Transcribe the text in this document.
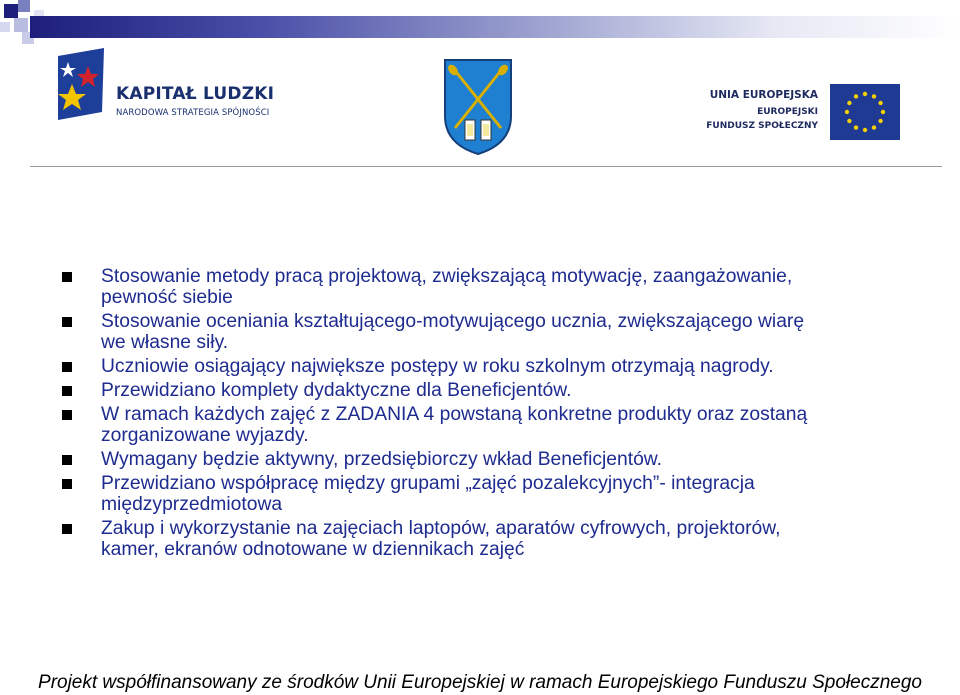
KAPITAŁ LUDZKI
NARODOWA STRATEGIA SPÓJNOŚCI
UNIA EUROPEJSKA
EUROPEJSKI
FUNDUSZ SPOŁECZNY
Stosowanie metody pracą projektową, zwiększającą motywację, zaangażowanie,
pewność siebie
Stosowanie oceniania kształtującego-motywującego ucznia, zwiększającego wiarę
we własne siły.
Uczniowie osiągający największe postępy w roku szkolnym otrzymają nagrody.
Przewidziano komplety dydaktyczne dla Beneficjentów.
W ramach każdych zajęć z ZADANIA 4 powstaną konkretne produkty oraz zostaną
zorganizowane wyjazdy.
Wymagany będzie aktywny, przedsiębiorczy wkład Beneficjentów.
Przewidziano współpracę między grupami „zajęć pozalekcyjnych”- integracja
międzyprzedmiotowa
Zakup i wykorzystanie na zajęciach laptopów, aparatów cyfrowych, projektorów,
kamer, ekranów odnotowane w dziennikach zajęć
Projekt współfinansowany ze środków Unii Europejskiej w ramach Europejskiego Funduszu Społecznego
